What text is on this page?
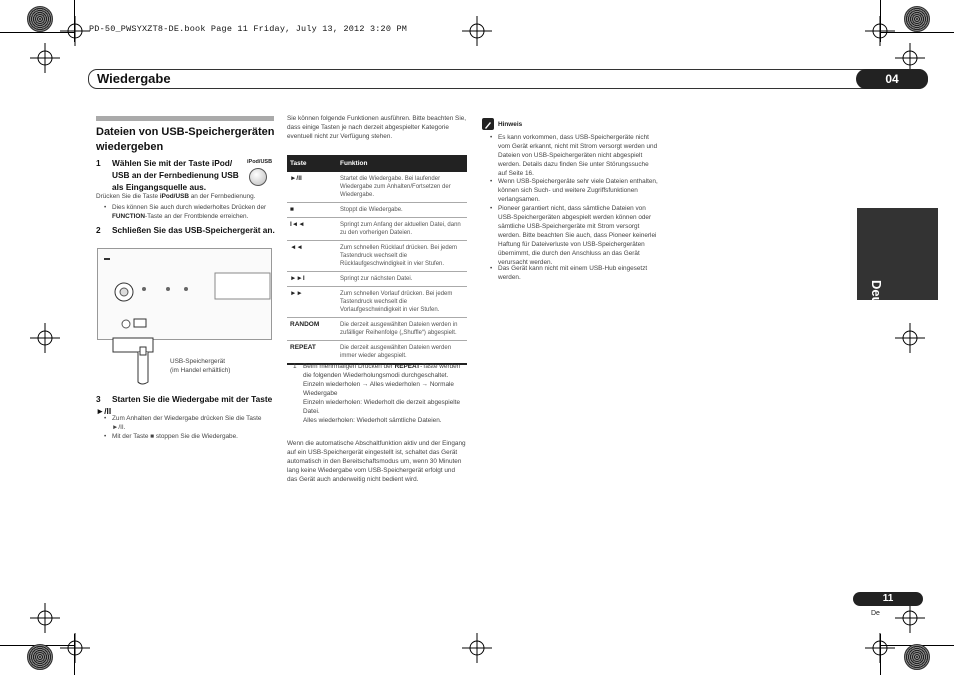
PD-50_PWSYXZT8-DE.book Page 11 Friday, July 13, 2012 3:20 PM
Wiedergabe	04
Deutsch
Dateien von USB-Speichergeräten wiedergeben
1	Wählen Sie mit der Taste iPod/ USB an der Fernbedienung USB als Eingangsquelle aus.
iPod/USB
Drücken Sie die Taste iPod/USB an der Fernbedienung.
• Dies können Sie auch durch wiederholtes Drücken der FUNCTION-Taste an der Frontblende erreichen.
2	Schließen Sie das USB-Speichergerät an.
USB-Speichergerät
(im Handel erhältlich)
3	Starten Sie die Wiedergabe mit der Taste
►/II
• Zum Anhalten der Wiedergabe drücken Sie die Taste ►/II.
• Mit der Taste ■ stoppen Sie die Wiedergabe.
Sie können folgende Funktionen ausführen. Bitte beachten Sie, dass einige Tasten je nach derzeit abgespielter Kategorie eventuell nicht zur Verfügung stehen.
Taste	Funktion
►/II	Startet die Wiedergabe. Bei laufender Wiedergabe zum Anhalten/Fortsetzen der Wiedergabe.
■	Stoppt die Wiedergabe.
I◄◄	Springt zum Anfang der aktuellen Datei, dann zu den vorherigen Dateien.
◄◄	Zum schnellen Rücklauf drücken. Bei jedem Tastendruck wechselt die Rücklaufgeschwindigkeit in vier Stufen.
►►I	Springt zur nächsten Datei.
►►	Zum schnellen Vorlauf drücken. Bei jedem Tastendruck wechselt die Vorlaufgeschwindigkeit in vier Stufen.
RANDOM	Die derzeit ausgewählten Dateien werden in zufälliger Reihenfolge („Shuffle“) abgespielt.
REPEAT	Die derzeit ausgewählten Dateien werden immer wieder abgespielt.
1	Beim mehrmaligen Drücken der REPEAT-Taste werden die folgenden Wiederholungsmodi durchgeschaltet.
Einzeln wiederholen → Alles wiederholen → Normale Wiedergabe
Einzeln wiederholen: Wiederholt die derzeit abgespielte Datei.
Alles wiederholen: Wiederholt sämtliche Dateien.
Wenn die automatische Abschaltfunktion aktiv und der Eingang auf ein USB-Speichergerät eingestellt ist, schaltet das Gerät automatisch in den Bereitschaftsmodus um, wenn 30 Minuten lang keine Wiedergabe vom USB-Speichergerät erfolgt und das Gerät auch anderweitig nicht bedient wird.
Hinweis
• Es kann vorkommen, dass USB-Speichergeräte nicht vom Gerät erkannt, nicht mit Strom versorgt werden und Dateien von USB-Speichergeräten nicht abgespielt werden. Details dazu finden Sie unter Störungssuche auf Seite 16.
• Wenn USB-Speichergeräte sehr viele Dateien enthalten, können sich Such- und weitere Zugriffsfunktionen verlangsamen.
• Pioneer garantiert nicht, dass sämtliche Dateien von USB-Speichergeräten abgespielt werden können oder sämtliche USB-Speichergeräte mit Strom versorgt werden. Bitte beachten Sie auch, dass Pioneer keinerlei Haftung für Dateiverluste von USB-Speichergeräten übernimmt, die durch den Anschluss an das Gerät verursacht werden.
• Das Gerät kann nicht mit einem USB-Hub eingesetzt werden.
11
De
